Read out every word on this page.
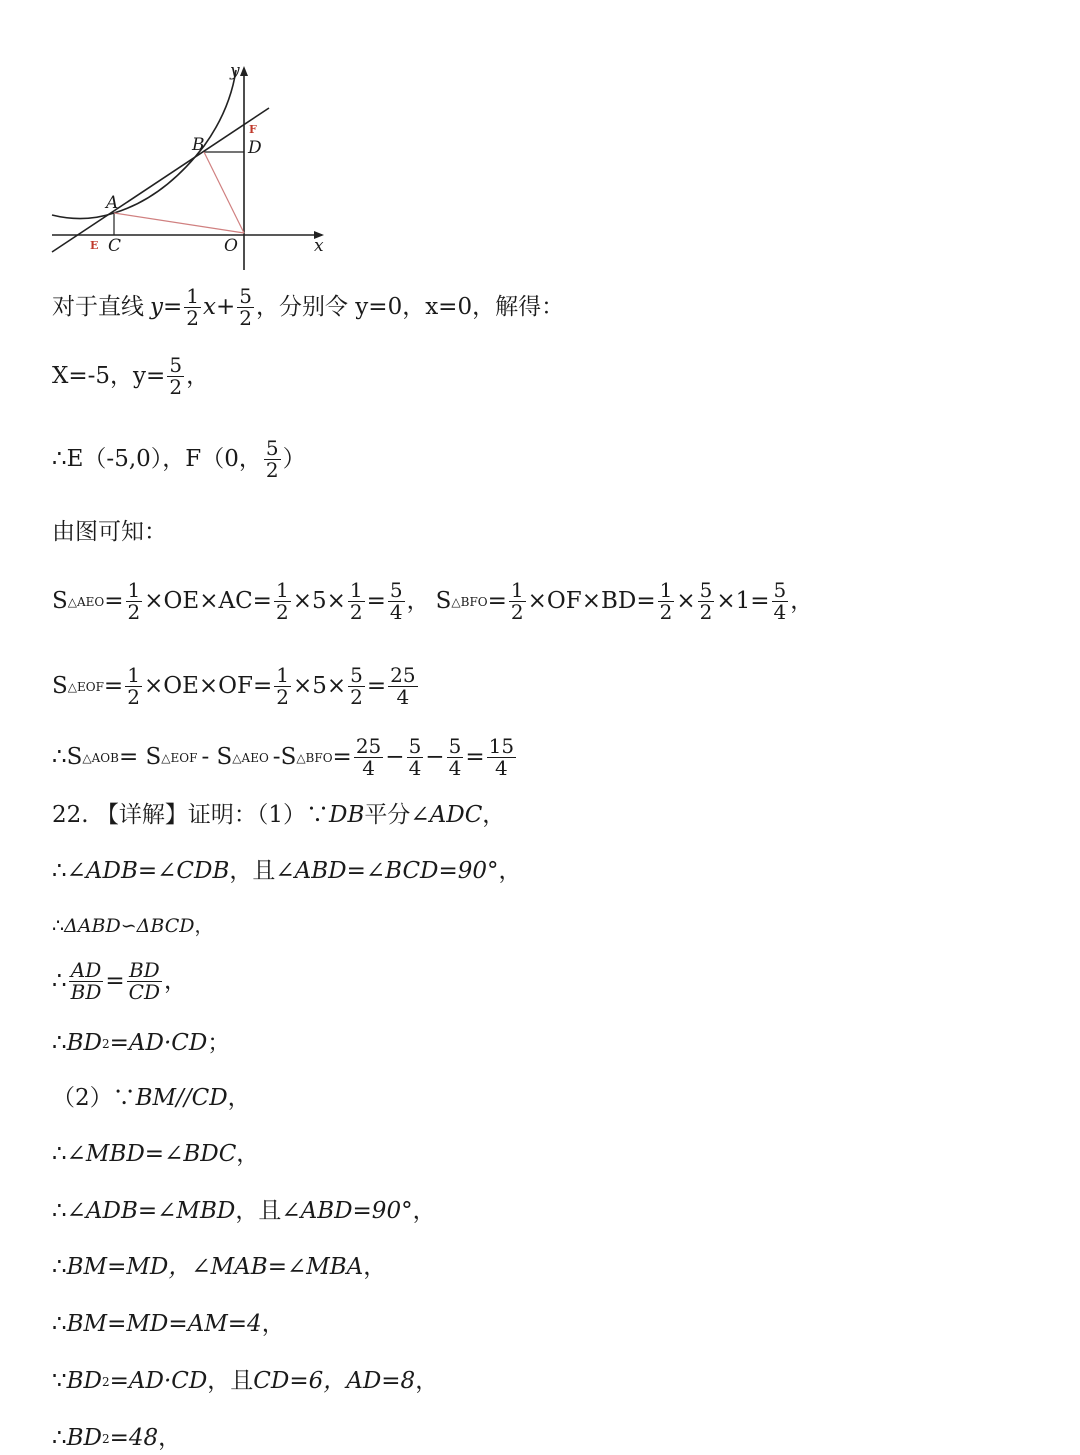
y
x
B	D
F
A
E C	O
对于直线 $y = \frac{1}{2} x+ \frac{5}{2}$ ，分别令 y=0，x=0，解得：
X=-5，$y= \frac{5}{2}$ ，
∴E（-5,0），F（0， $\frac{5}{2}$ ）
由图可知：
S △AEO = $\frac{1}{2} \times OE\times AC= \frac{1}{2} \times 5\times \frac{1}{2} = \frac{5}{4}$ ， S △BFO = $\frac{1}{2} \times OF\times BD= \frac{1}{2} \times \frac{5}{2} \times 1= \frac{5}{4}$ ，
S △EOF = $\frac{1}{2} \times OE\times OF= \frac{1}{2} \times 5\times \frac{5}{2} = \frac{25}{4}$
∴S △AOB = S △EOF - S △AEO -S △BFO = $\frac{25}{4} - \frac{5}{4} - \frac{5}{4} = \frac{15}{4}$
22. 【详解】证明：（1）∵ DB 平分 ∠ADC ，
∴ ∠ADB=∠CDB ，且 ∠ABD=∠BCD=90° ，
∴ ΔABD∽ΔBCD ，
∴ $\frac{AD}{BD} = \frac{BD}{CD}$ ，
∴ BD 2 =AD·CD ；
（2）∵ BM//CD ，
∴ ∠MBD=∠BDC ，
∴ ∠ADB=∠MBD ，且 ∠ABD=90° ，
∴ BM=MD，∠MAB=∠MBA ，
∴ BM=MD=AM=4 ，
∵ BD 2 =AD·CD ，且 CD=6，AD=8 ，
∴ BD 2 =48 ，
